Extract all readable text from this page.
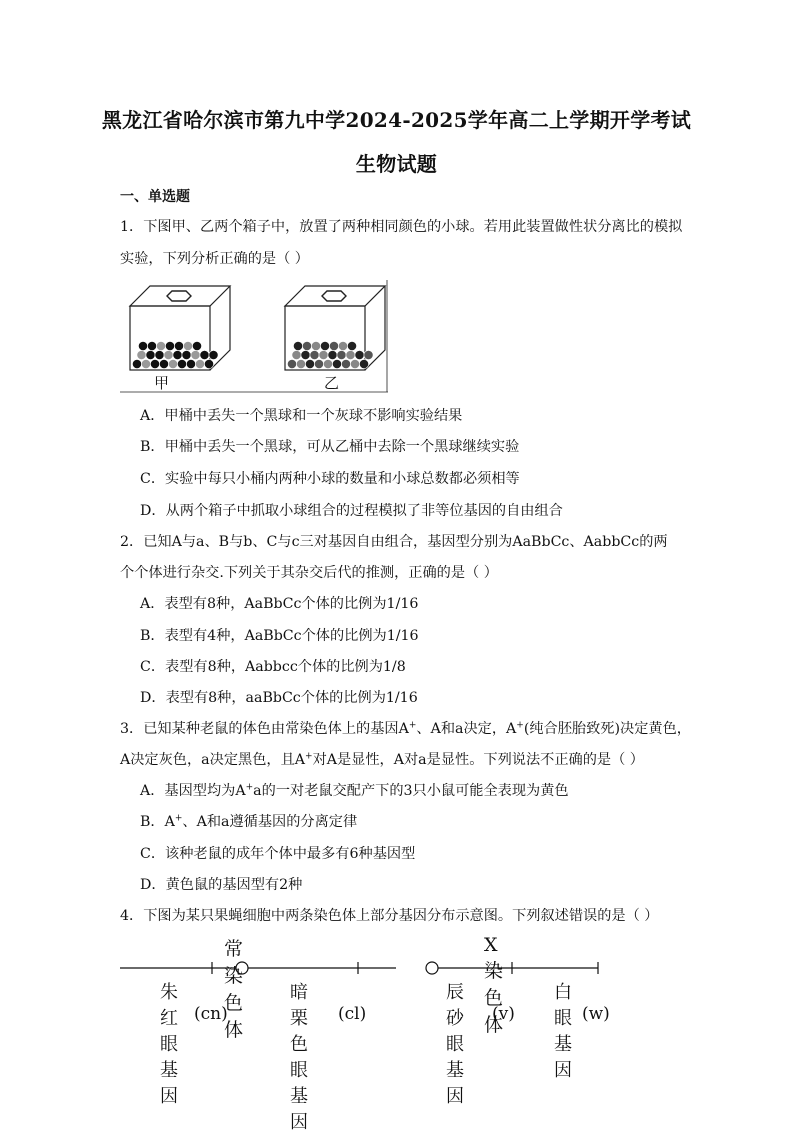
黑龙江省哈尔滨市第九中学2024-2025学年高二上学期开学考试
生物试题
一、单选题
1．下图甲、乙两个箱子中，放置了两种相同颜色的小球。若用此装置做性状分离比的模拟
实验，下列分析正确的是（ ）
甲	乙
A．甲桶中丢失一个黑球和一个灰球不影响实验结果
B．甲桶中丢失一个黑球，可从乙桶中去除一个黑球继续实验
C．实验中每只小桶内两种小球的数量和小球总数都必须相等
D．从两个箱子中抓取小球组合的过程模拟了非等位基因的自由组合
2．已知A与a、B与b、C与c三对基因自由组合，基因型分别为AaBbCc、AabbCc的两
个个体进行杂交.下列关于其杂交后代的推测，正确的是（ ）
A．表型有8种，AaBbCc个体的比例为1/16
B．表型有4种，AaBbCc个体的比例为1/16
C．表型有8种，Aabbcc个体的比例为1/8
D．表型有8种，aaBbCc个体的比例为1/16
3．已知某种老鼠的体色由常染色体上的基因A+、A和a决定，A+(纯合胚胎致死)决定黄色，
A决定灰色，a决定黑色，且A+对A是显性，A对a是显性。下列说法不正确的是（ ）
A．基因型均为A+a的一对老鼠交配产下的3只小鼠可能全表现为黄色
B．A+、A和a遵循基因的分离定律
C．该种老鼠的成年个体中最多有6种基因型
D．黄色鼠的基因型有2种
4．下图为某只果蝇细胞中两条染色体上部分基因分布示意图。下列叙述错误的是（ ）
常染色体
X染色体
朱红眼基因
(cn)
暗栗色眼基因
(cl)
辰砂眼基因
(v)
白眼基因
(w)
